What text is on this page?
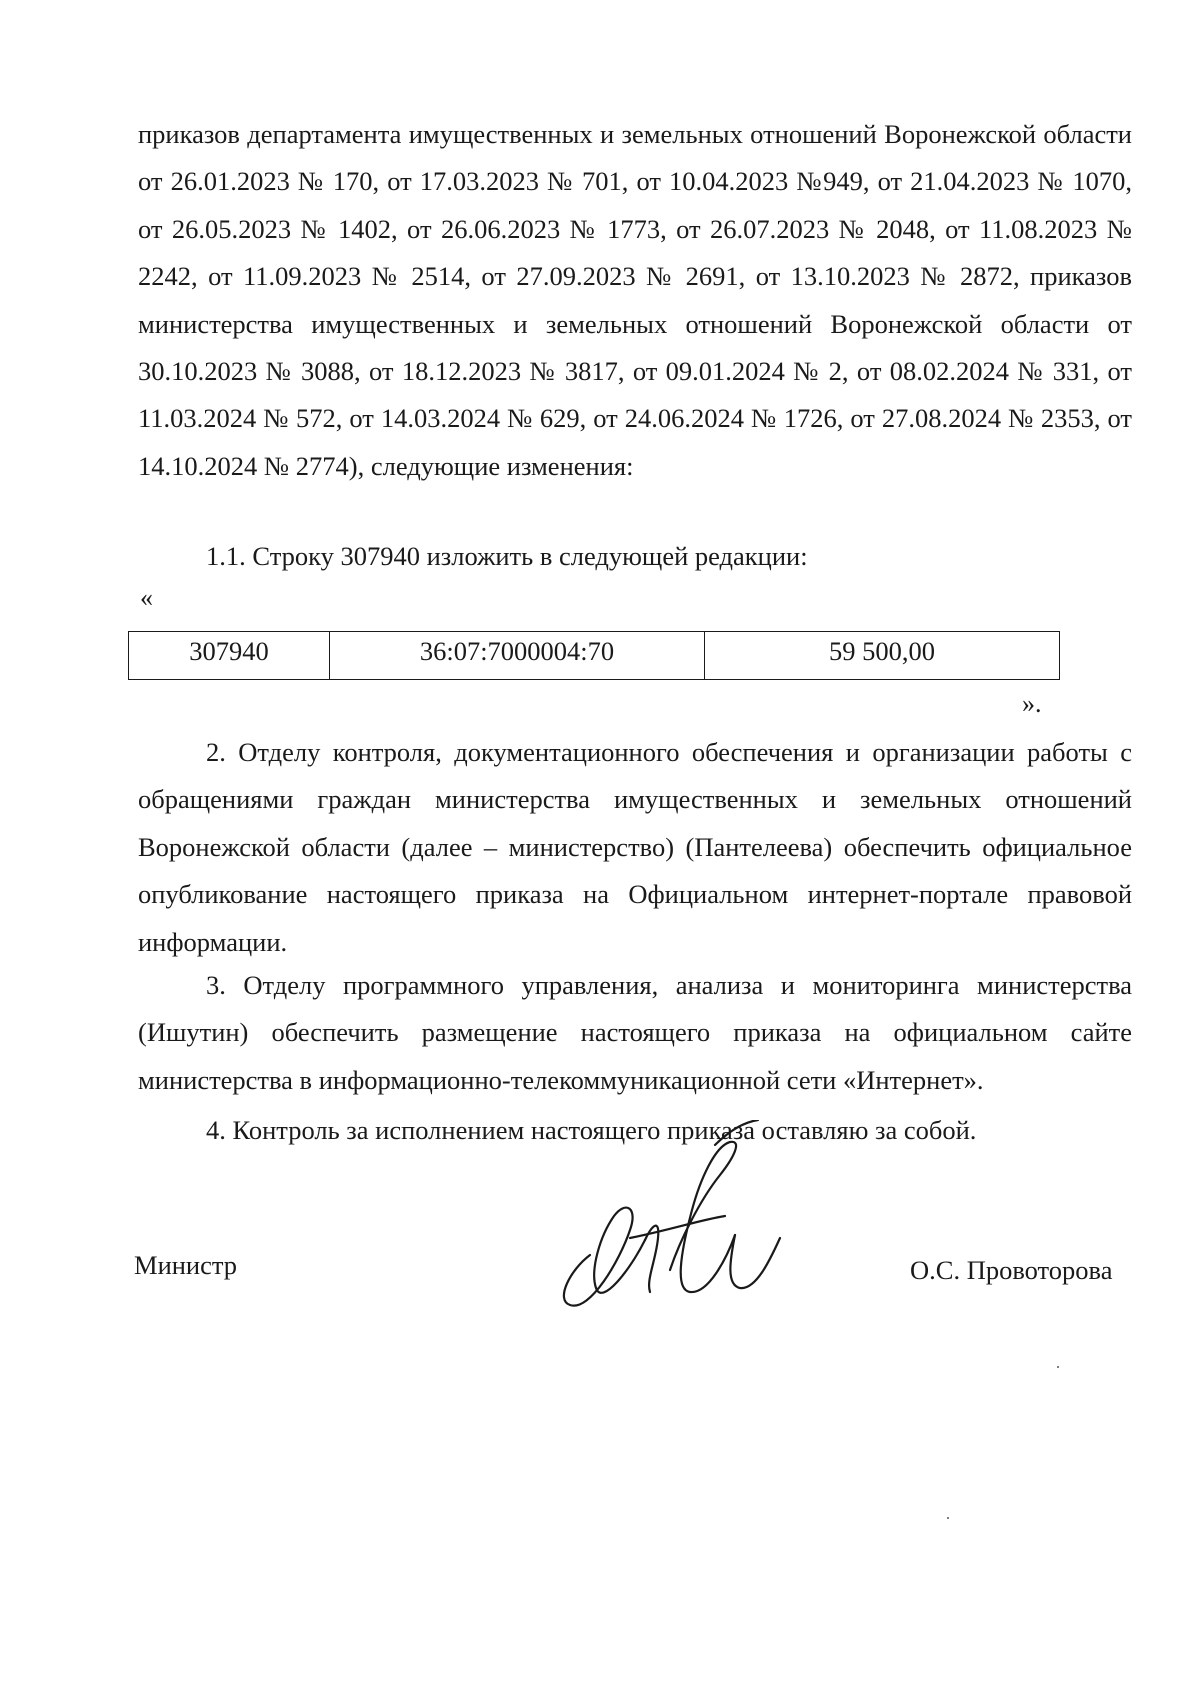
приказов департамента имущественных и земельных отношений Воронежской области от 26.01.2023 № 170, от 17.03.2023 № 701, от 10.04.2023 №949, от 21.04.2023 № 1070, от 26.05.2023 № 1402, от 26.06.2023 № 1773, от 26.07.2023 № 2048, от 11.08.2023 № 2242, от 11.09.2023 № 2514, от 27.09.2023 № 2691, от 13.10.2023 № 2872, приказов министерства имущественных и земельных отношений Воронежской области от 30.10.2023 № 3088, от 18.12.2023 № 3817, от 09.01.2024 № 2, от 08.02.2024 № 331, от 11.03.2024 № 572, от 14.03.2024 № 629, от 24.06.2024 № 1726, от 27.08.2024 № 2353, от 14.10.2024 № 2774), следующие изменения:

1.1. Строку 307940 изложить в следующей редакции:

«
307940	36:07:7000004:70	59 500,00
».

2. Отделу контроля, документационного обеспечения и организации работы с обращениями граждан министерства имущественных и земельных отношений Воронежской области (далее – министерство) (Пантелеева) обеспечить официальное опубликование настоящего приказа на Официальном интернет-портале правовой информации.

3. Отделу программного управления, анализа и мониторинга министерства (Ишутин) обеспечить размещение настоящего приказа на официальном сайте министерства в информационно-телекоммуникационной сети «Интернет».

4. Контроль за исполнением настоящего приказа оставляю за собой.

Министр	О.С. Провоторова
